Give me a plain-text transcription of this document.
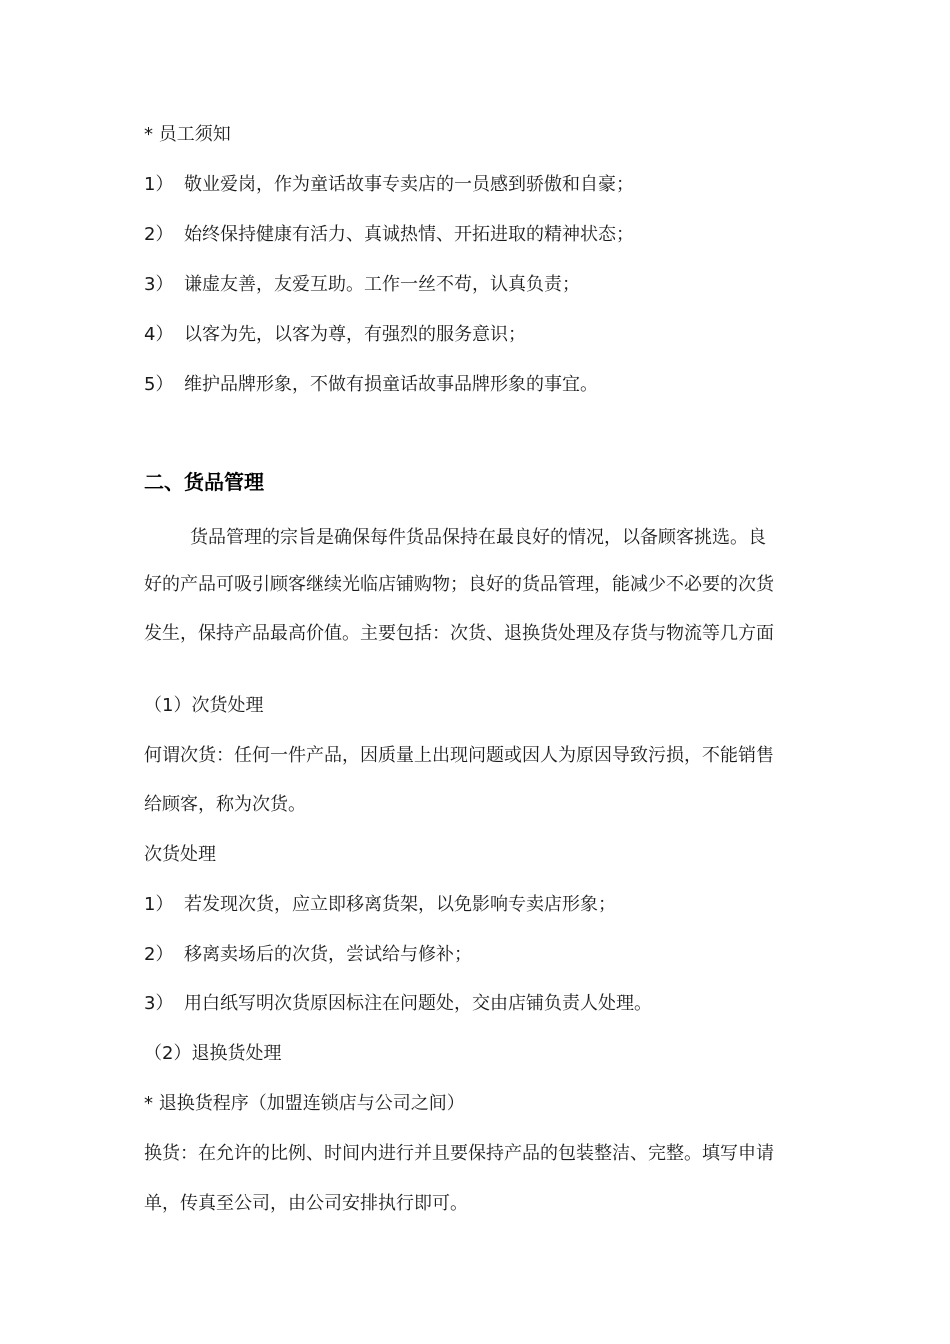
* 员工须知
1） 敬业爱岗，作为童话故事专卖店的一员感到骄傲和自豪；
2） 始终保持健康有活力、真诚热情、开拓进取的精神状态；
3） 谦虚友善，友爱互助。工作一丝不苟，认真负责；
4） 以客为先，以客为尊，有强烈的服务意识；
5） 维护品牌形象，不做有损童话故事品牌形象的事宜。
二、货品管理
货品管理的宗旨是确保每件货品保持在最良好的情况，以备顾客挑选。良
好的产品可吸引顾客继续光临店铺购物；良好的货品管理，能减少不必要的次货
发生，保持产品最高价值。主要包括：次货、退换货处理及存货与物流等几方面
（1）次货处理
何谓次货：任何一件产品，因质量上出现问题或因人为原因导致污损，不能销售
给顾客，称为次货。
次货处理
1） 若发现次货，应立即移离货架，以免影响专卖店形象；
2） 移离卖场后的次货，尝试给与修补；
3） 用白纸写明次货原因标注在问题处，交由店铺负责人处理。
（2）退换货处理
* 退换货程序（加盟连锁店与公司之间）
换货：在允许的比例、时间内进行并且要保持产品的包装整洁、完整。填写申请
单，传真至公司，由公司安排执行即可。
